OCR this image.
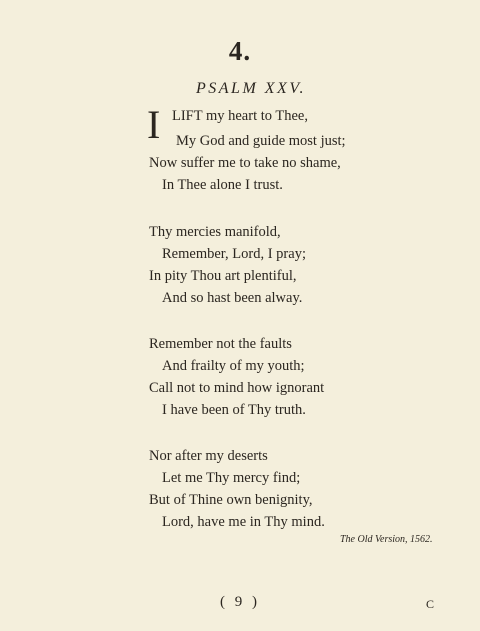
4.
PSALM XXV.
I LIFT my heart to Thee,
My God and guide most just;
Now suffer me to take no shame,
In Thee alone I trust.
Thy mercies manifold,
Remember, Lord, I pray;
In pity Thou art plentiful,
And so hast been alway.
Remember not the faults
And frailty of my youth;
Call not to mind how ignorant
I have been of Thy truth.
Nor after my deserts
Let me Thy mercy find;
But of Thine own benignity,
Lord, have me in Thy mind.
The Old Version, 1562.
( 9 )	C
